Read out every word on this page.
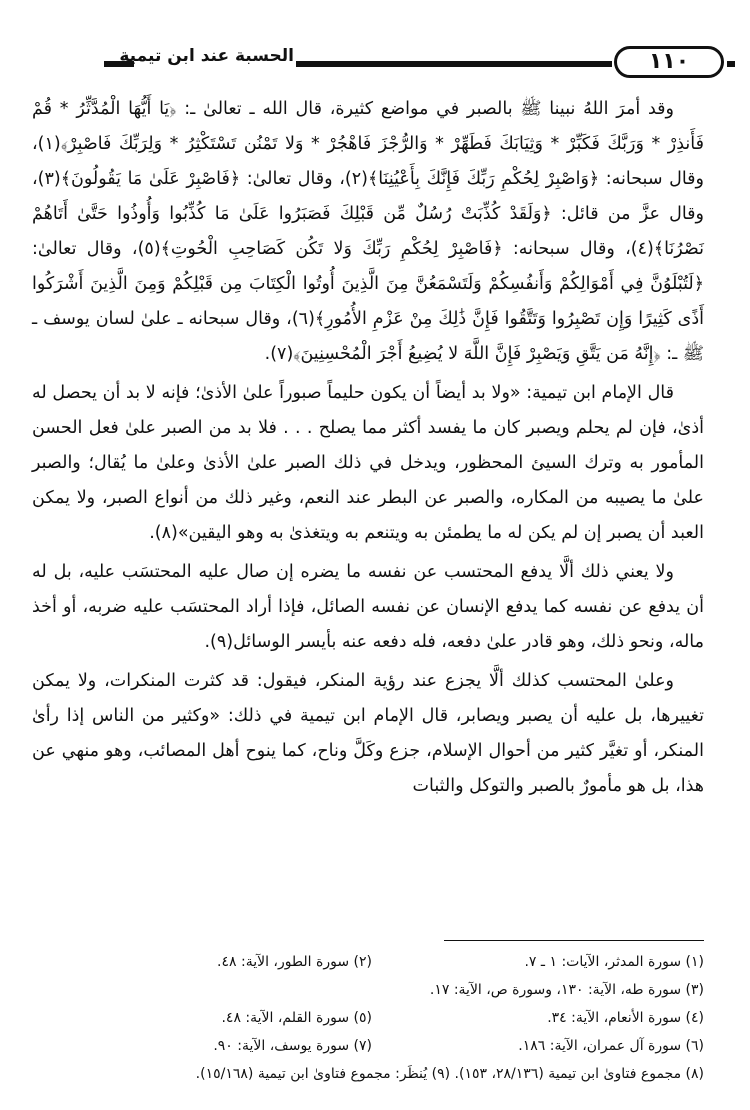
الحسبة عند ابن تيمية	١١٠

وقد أمرَ اللهُ نبينا ﷺ بالصبر في مواضع كثيرة، قال الله ـ تعالىٰ ـ: ﴿يَا أَيُّهَا الْمُدَّثِّرُ * قُمْ فَأَنذِرْ * وَرَبَّكَ فَكَبِّرْ * وَثِيَابَكَ فَطَهِّرْ * وَالرُّجْزَ فَاهْجُرْ * وَلا تَمْنُن تَسْتَكْثِرُ * وَلِرَبِّكَ فَاصْبِرْ﴾(١)، وقال سبحانه: ﴿وَاصْبِرْ لِحُكْمِ رَبِّكَ فَإِنَّكَ بِأَعْيُنِنَا﴾(٢)، وقال تعالىٰ: ﴿فَاصْبِرْ عَلَىٰ مَا يَقُولُونَ﴾(٣)، وقال عزَّ من قائل: ﴿وَلَقَدْ كُذِّبَتْ رُسُلٌ مِّن قَبْلِكَ فَصَبَرُوا عَلَىٰ مَا كُذِّبُوا وَأُوذُوا حَتَّىٰ أَتَاهُمْ نَصْرُنَا﴾(٤)، وقال سبحانه: ﴿فَاصْبِرْ لِحُكْمِ رَبِّكَ وَلا تَكُن كَصَاحِبِ الْحُوتِ﴾(٥)، وقال تعالىٰ: ﴿لَتُبْلَوُنَّ فِي أَمْوَالِكُمْ وَأَنفُسِكُمْ وَلَتَسْمَعُنَّ مِنَ الَّذِينَ أُوتُوا الْكِتَابَ مِن قَبْلِكُمْ وَمِنَ الَّذِينَ أَشْرَكُوا أَذًى كَثِيرًا وَإِن تَصْبِرُوا وَتَتَّقُوا فَإِنَّ ذَٰلِكَ مِنْ عَزْمِ الأُمُورِ﴾(٦)، وقال سبحانه ـ علىٰ لسان يوسف ـ ﷺ ـ: ﴿إِنَّهُ مَن يَتَّقِ وَيَصْبِرْ فَإِنَّ اللَّهَ لا يُضِيعُ أَجْرَ الْمُحْسِنِينَ﴾(٧).

قال الإمام ابن تيمية: «ولا بد أيضاً أن يكون حليماً صبوراً علىٰ الأذىٰ؛ فإنه لا بد أن يحصل له أذىٰ، فإن لم يحلم ويصبر كان ما يفسد أكثر مما يصلح . . . فلا بد من الصبر علىٰ فعل الحسن المأمور به وترك السيئ المحظور، ويدخل في ذلك الصبر علىٰ الأذىٰ وعلىٰ ما يُقال؛ والصبر علىٰ ما يصيبه من المكاره، والصبر عن البطر عند النعم، وغير ذلك من أنواع الصبر، ولا يمكن العبد أن يصبر إن لم يكن له ما يطمئن به ويتنعم به ويتغذىٰ به وهو اليقين»(٨).

ولا يعني ذلك ألَّا يدفع المحتسب عن نفسه ما يضره إن صال عليه المحتسَب عليه، بل له أن يدفع عن نفسه كما يدفع الإنسان عن نفسه الصائل، فإذا أراد المحتسَب عليه ضربه، أو أخذ ماله، ونحو ذلك، وهو قادر علىٰ دفعه، فله دفعه عنه بأيسر الوسائل(٩).

وعلىٰ المحتسب كذلك ألَّا يجزع عند رؤية المنكر، فيقول: قد كثرت المنكرات، ولا يمكن تغييرها، بل عليه أن يصبر ويصابر، قال الإمام ابن تيمية في ذلك: «وكثير من الناس إذا رأىٰ المنكر، أو تغيَّر كثير من أحوال الإسلام، جزع وكَلَّ وناح، كما ينوح أهل المصائب، وهو منهي عن هذا، بل هو مأمورٌ بالصبر والتوكل والثبات

(١) سورة المدثر، الآيات: ١ ـ ٧.
(٢) سورة الطور، الآية: ٤٨.
(٣) سورة طه، الآية: ١٣٠، وسورة ص، الآية: ١٧.
(٤) سورة الأنعام، الآية: ٣٤.
(٥) سورة القلم، الآية: ٤٨.
(٦) سورة آل عمران، الآية: ١٨٦.
(٧) سورة يوسف، الآية: ٩٠.
(٨) مجموع فتاوىٰ ابن تيمية (٢٨/١٣٦، ١٥٣). (٩) يُنظَر: مجموع فتاوىٰ ابن تيمية (١٥/١٦٨).
